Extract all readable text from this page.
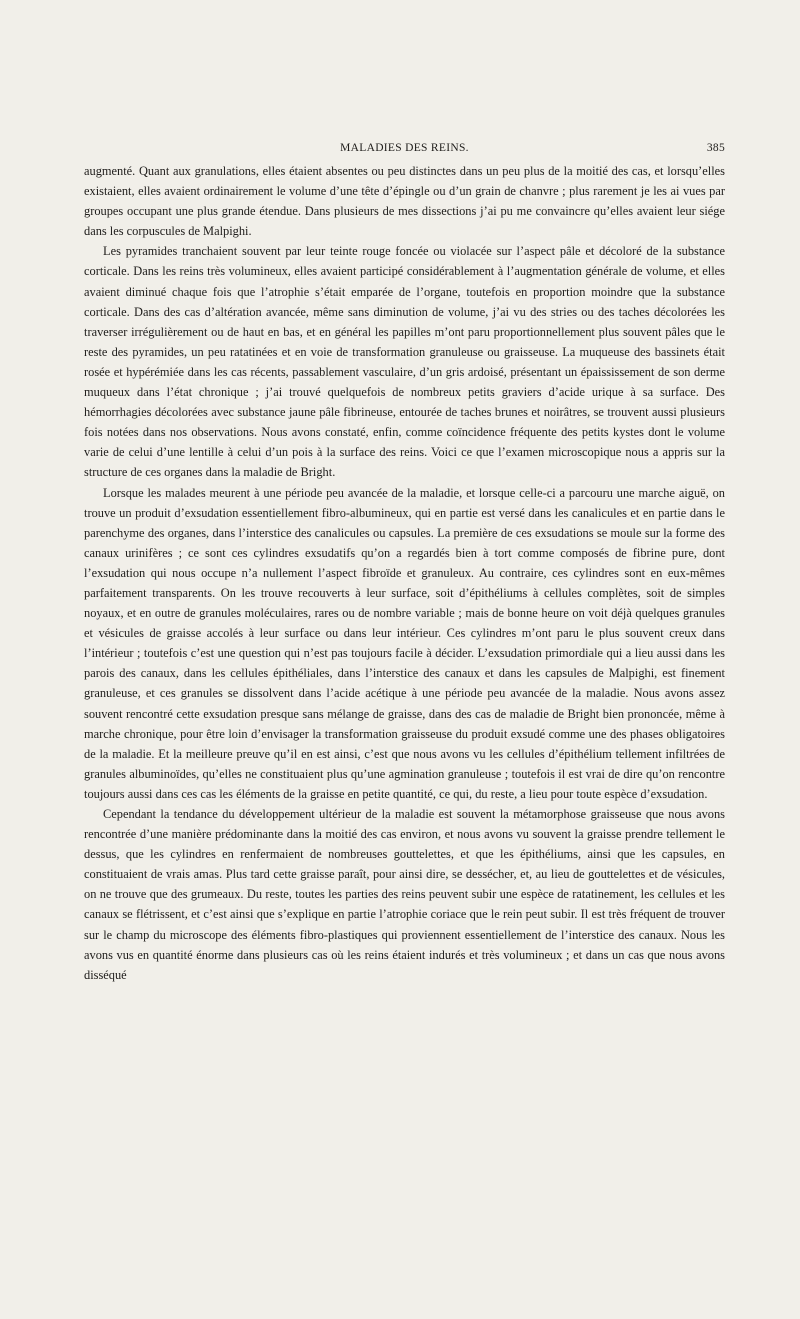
MALADIES DES REINS.	385

augmenté. Quant aux granulations, elles étaient absentes ou peu distinctes dans un peu plus de la moitié des cas, et lorsqu’elles existaient, elles avaient ordinairement le volume d’une tête d’épingle ou d’un grain de chanvre ; plus rarement je les ai vues par groupes occupant une plus grande étendue. Dans plusieurs de mes dissections j’ai pu me convaincre qu’elles avaient leur siége dans les corpuscules de Malpighi.

Les pyramides tranchaient souvent par leur teinte rouge foncée ou violacée sur l’aspect pâle et décoloré de la substance corticale. Dans les reins très volumineux, elles avaient participé considérablement à l’augmentation générale de volume, et elles avaient diminué chaque fois que l’atrophie s’était emparée de l’organe, toutefois en proportion moindre que la substance corticale. Dans des cas d’altération avancée, même sans diminution de volume, j’ai vu des stries ou des taches décolorées les traverser irrégulièrement ou de haut en bas, et en général les papilles m’ont paru proportionnellement plus souvent pâles que le reste des pyramides, un peu ratatinées et en voie de transformation granuleuse ou graisseuse. La muqueuse des bassinets était rosée et hypérémiée dans les cas récents, passablement vasculaire, d’un gris ardoisé, présentant un épaississement de son derme muqueux dans l’état chronique ; j’ai trouvé quelquefois de nombreux petits graviers d’acide urique à sa surface. Des hémorrhagies décolorées avec substance jaune pâle fibrineuse, entourée de taches brunes et noirâtres, se trouvent aussi plusieurs fois notées dans nos observations. Nous avons constaté, enfin, comme coïncidence fréquente des petits kystes dont le volume varie de celui d’une lentille à celui d’un pois à la surface des reins. Voici ce que l’examen microscopique nous a appris sur la structure de ces organes dans la maladie de Bright.

Lorsque les malades meurent à une période peu avancée de la maladie, et lorsque celle-ci a parcouru une marche aiguë, on trouve un produit d’exsudation essentiellement fibro-albumineux, qui en partie est versé dans les canalicules et en partie dans le parenchyme des organes, dans l’interstice des canalicules ou capsules. La première de ces exsudations se moule sur la forme des canaux urinifères ; ce sont ces cylindres exsudatifs qu’on a regardés bien à tort comme composés de fibrine pure, dont l’exsudation qui nous occupe n’a nullement l’aspect fibroïde et granuleux. Au contraire, ces cylindres sont en eux-mêmes parfaitement transparents. On les trouve recouverts à leur surface, soit d’épithéliums à cellules complètes, soit de simples noyaux, et en outre de granules moléculaires, rares ou de nombre variable ; mais de bonne heure on voit déjà quelques granules et vésicules de graisse accolés à leur surface ou dans leur intérieur. Ces cylindres m’ont paru le plus souvent creux dans l’intérieur ; toutefois c’est une question qui n’est pas toujours facile à décider. L’exsudation primordiale qui a lieu aussi dans les parois des canaux, dans les cellules épithéliales, dans l’interstice des canaux et dans les capsules de Malpighi, est finement granuleuse, et ces granules se dissolvent dans l’acide acétique à une période peu avancée de la maladie. Nous avons assez souvent rencontré cette exsudation presque sans mélange de graisse, dans des cas de maladie de Bright bien prononcée, même à marche chronique, pour être loin d’envisager la transformation graisseuse du produit exsudé comme une des phases obligatoires de la maladie. Et la meilleure preuve qu’il en est ainsi, c’est que nous avons vu les cellules d’épithélium tellement infiltrées de granules albuminoïdes, qu’elles ne constituaient plus qu’une agmination granuleuse ; toutefois il est vrai de dire qu’on rencontre toujours aussi dans ces cas les éléments de la graisse en petite quantité, ce qui, du reste, a lieu pour toute espèce d’exsudation.

Cependant la tendance du développement ultérieur de la maladie est souvent la métamorphose graisseuse que nous avons rencontrée d’une manière prédominante dans la moitié des cas environ, et nous avons vu souvent la graisse prendre tellement le dessus, que les cylindres en renfermaient de nombreuses gouttelettes, et que les épithéliums, ainsi que les capsules, en constituaient de vrais amas. Plus tard cette graisse paraît, pour ainsi dire, se dessécher, et, au lieu de gouttelettes et de vésicules, on ne trouve que des grumeaux. Du reste, toutes les parties des reins peuvent subir une espèce de ratatinement, les cellules et les canaux se flétrissent, et c’est ainsi que s’explique en partie l’atrophie coriace que le rein peut subir. Il est très fréquent de trouver sur le champ du microscope des éléments fibro-plastiques qui proviennent essentiellement de l’interstice des canaux. Nous les avons vus en quantité énorme dans plusieurs cas où les reins étaient indurés et très volumineux ; et dans un cas que nous avons disséqué
